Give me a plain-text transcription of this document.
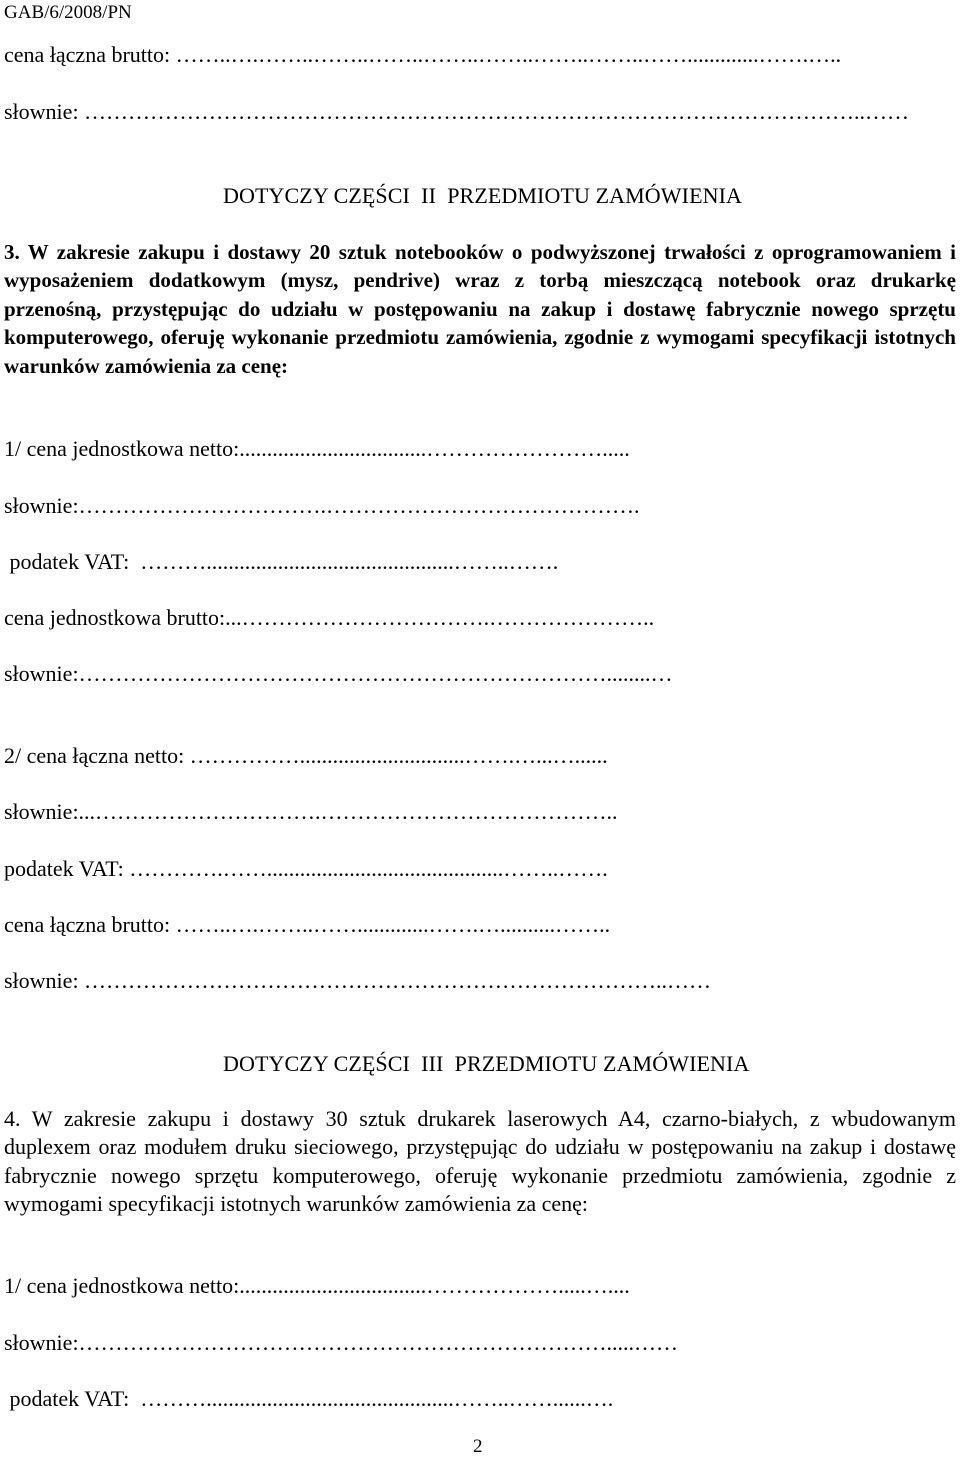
GAB/6/2008/PN
cena łączna brutto: ……..….……..……..……..……..……..……..……..…….............…….…..
słownie: ……………………………………………………………………………………………..……
DOTYCZY CZĘŚCI  II  PRZEDMIOTU ZAMÓWIENIA
3. W zakresie zakupu i dostawy 20 sztuk notebooków o podwyższonej trwałości z oprogramowaniem i wyposażeniem dodatkowym (mysz, pendrive) wraz z torbą mieszczącą notebook oraz drukarkę przenośną, przystępując do udziału w postępowaniu na zakup i dostawę fabrycznie nowego sprzętu komputerowego, oferuję wykonanie przedmiotu zamówienia, zgodnie z wymogami specyfikacji istotnych warunków zamówienia za cenę:
1/ cena jednostkowa netto:..................................…………………….....
słownie:…………………………….…………………………………….
podatek VAT:  ……….............................................……..…….
cena jednostkowa brutto:...…………………………….…………………..
słownie:………………………………………………………………........…
2/ cena łączna netto: ……………..............................…….…...…......
słownie:...………………………….…………………………………..
podatek VAT: ………….……...........................................……..…….
cena łączna brutto: ……..….……..…….............…….…..........……..
słownie: ……………………………………………………………………..……
DOTYCZY CZĘŚCI  III  PRZEDMIOTU ZAMÓWIENIA
4. W zakresie zakupu i dostawy 30 sztuk drukarek laserowych A4, czarno-białych, z wbudowanym duplexem oraz modułem druku sieciowego, przystępując do udziału w postępowaniu na zakup i dostawę fabrycznie nowego sprzętu komputerowego, oferuję wykonanie przedmiotu zamówienia, zgodnie z wymogami specyfikacji istotnych warunków zamówienia za cenę:
1/ cena jednostkowa netto:..................................……………….....…....
słownie:……………………………………………………………….....……
podatek VAT:  ……….............................................……..……......….
2
